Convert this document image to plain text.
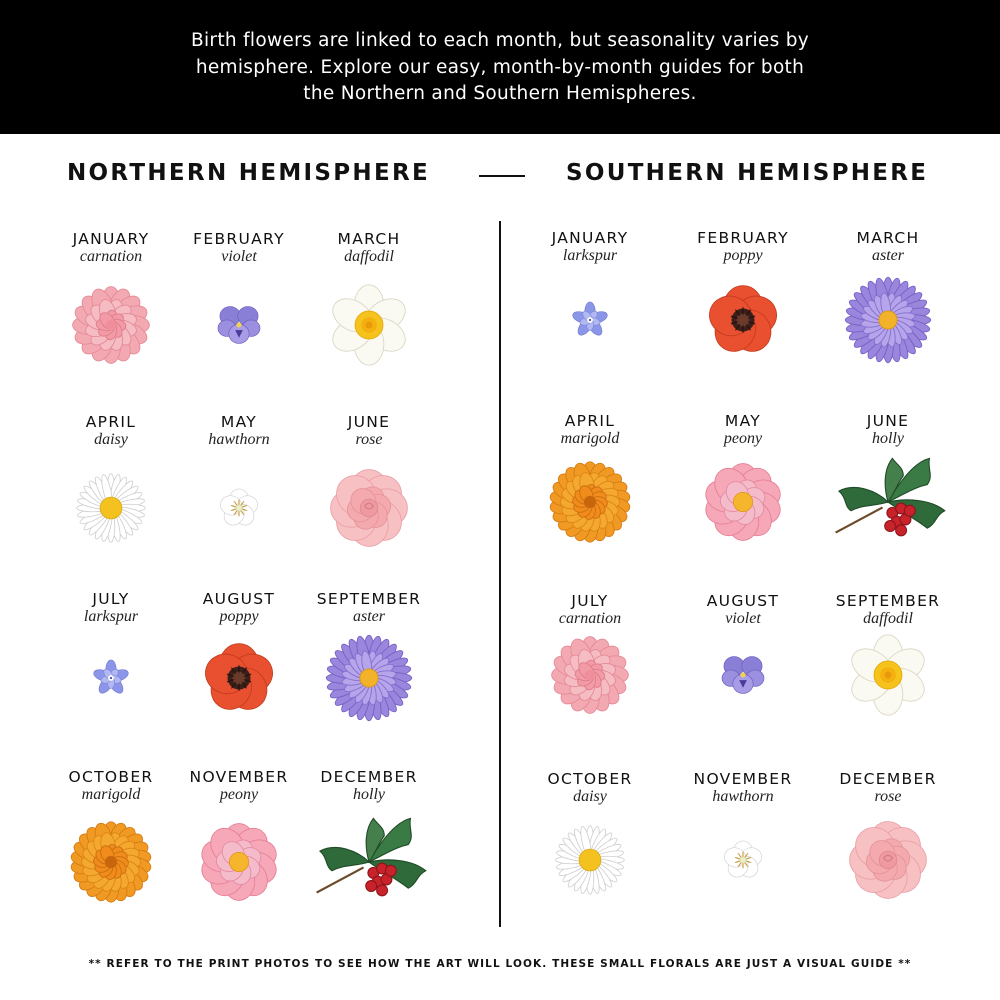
Birth flowers are linked to each month, but seasonality varies by
hemisphere. Explore our easy, month-by-month guides for both
the Northern and Southern Hemispheres.

NORTHERN HEMISPHERE	SOUTHERN HEMISPHERE
JANUARY
carnation
FEBRUARY
violet
MARCH
daffodil
APRIL
daisy
MAY
hawthorn
JUNE
rose
JULY
larkspur
AUGUST
poppy
SEPTEMBER
aster
OCTOBER
marigold
NOVEMBER
peony
DECEMBER
holly
JANUARY
larkspur
FEBRUARY
poppy
MARCH
aster
APRIL
marigold
MAY
peony
JUNE
holly
JULY
carnation
AUGUST
violet
SEPTEMBER
daffodil
OCTOBER
daisy
NOVEMBER
hawthorn
DECEMBER
rose
** REFER TO THE PRINT PHOTOS TO SEE HOW THE ART WILL LOOK. THESE SMALL FLORALS ARE JUST A VISUAL GUIDE **
